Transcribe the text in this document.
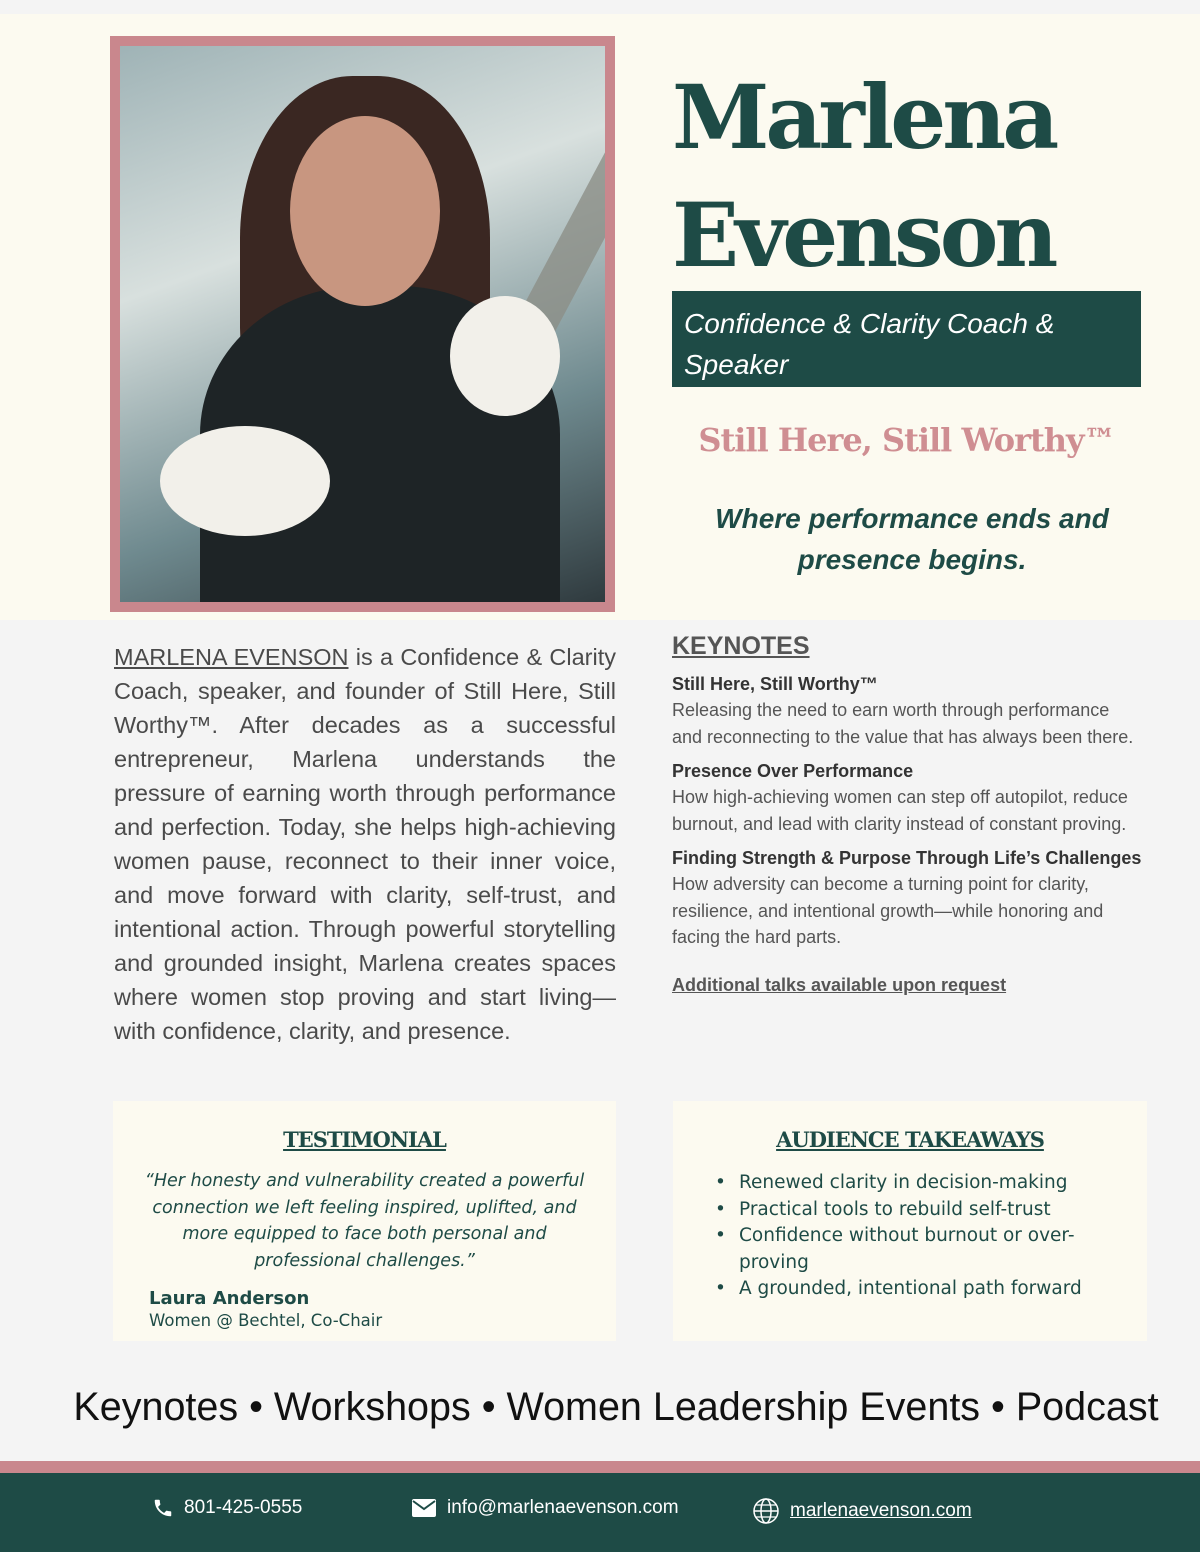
Marlena
Evenson
Confidence & Clarity Coach & Speaker
Still Here, Still Worthy™
Where performance ends and
presence begins.
MARLENA EVENSON is a Confidence & Clarity Coach, speaker, and founder of Still Here, Still Worthy™. After decades as a successful entrepreneur, Marlena understands the pressure of earning worth through performance and perfection. Today, she helps high-achieving women pause, reconnect to their inner voice, and move forward with clarity, self-trust, and intentional action. Through powerful storytelling and grounded insight, Marlena creates spaces where women stop proving and start living—with confidence, clarity, and presence.
KEYNOTES
Still Here, Still Worthy™
Releasing the need to earn worth through performance and reconnecting to the value that has always been there.
Presence Over Performance
How high-achieving women can step off autopilot, reduce burnout, and lead with clarity instead of constant proving.
Finding Strength & Purpose Through Life’s Challenges
How adversity can become a turning point for clarity, resilience, and intentional growth—while honoring and facing the hard parts.
Additional talks available upon request
TESTIMONIAL
“Her honesty and vulnerability created a powerful connection we left feeling inspired, uplifted, and more equipped to face both personal and professional challenges.”
Laura Anderson
Women @ Bechtel, Co-Chair
AUDIENCE TAKEAWAYS
• Renewed clarity in decision-making
• Practical tools to rebuild self-trust
• Confidence without burnout or over-proving
• A grounded, intentional path forward
Keynotes • Workshops • Women Leadership Events • Podcast
801-425-0555	info@marlenaevenson.com	marlenaevenson.com
